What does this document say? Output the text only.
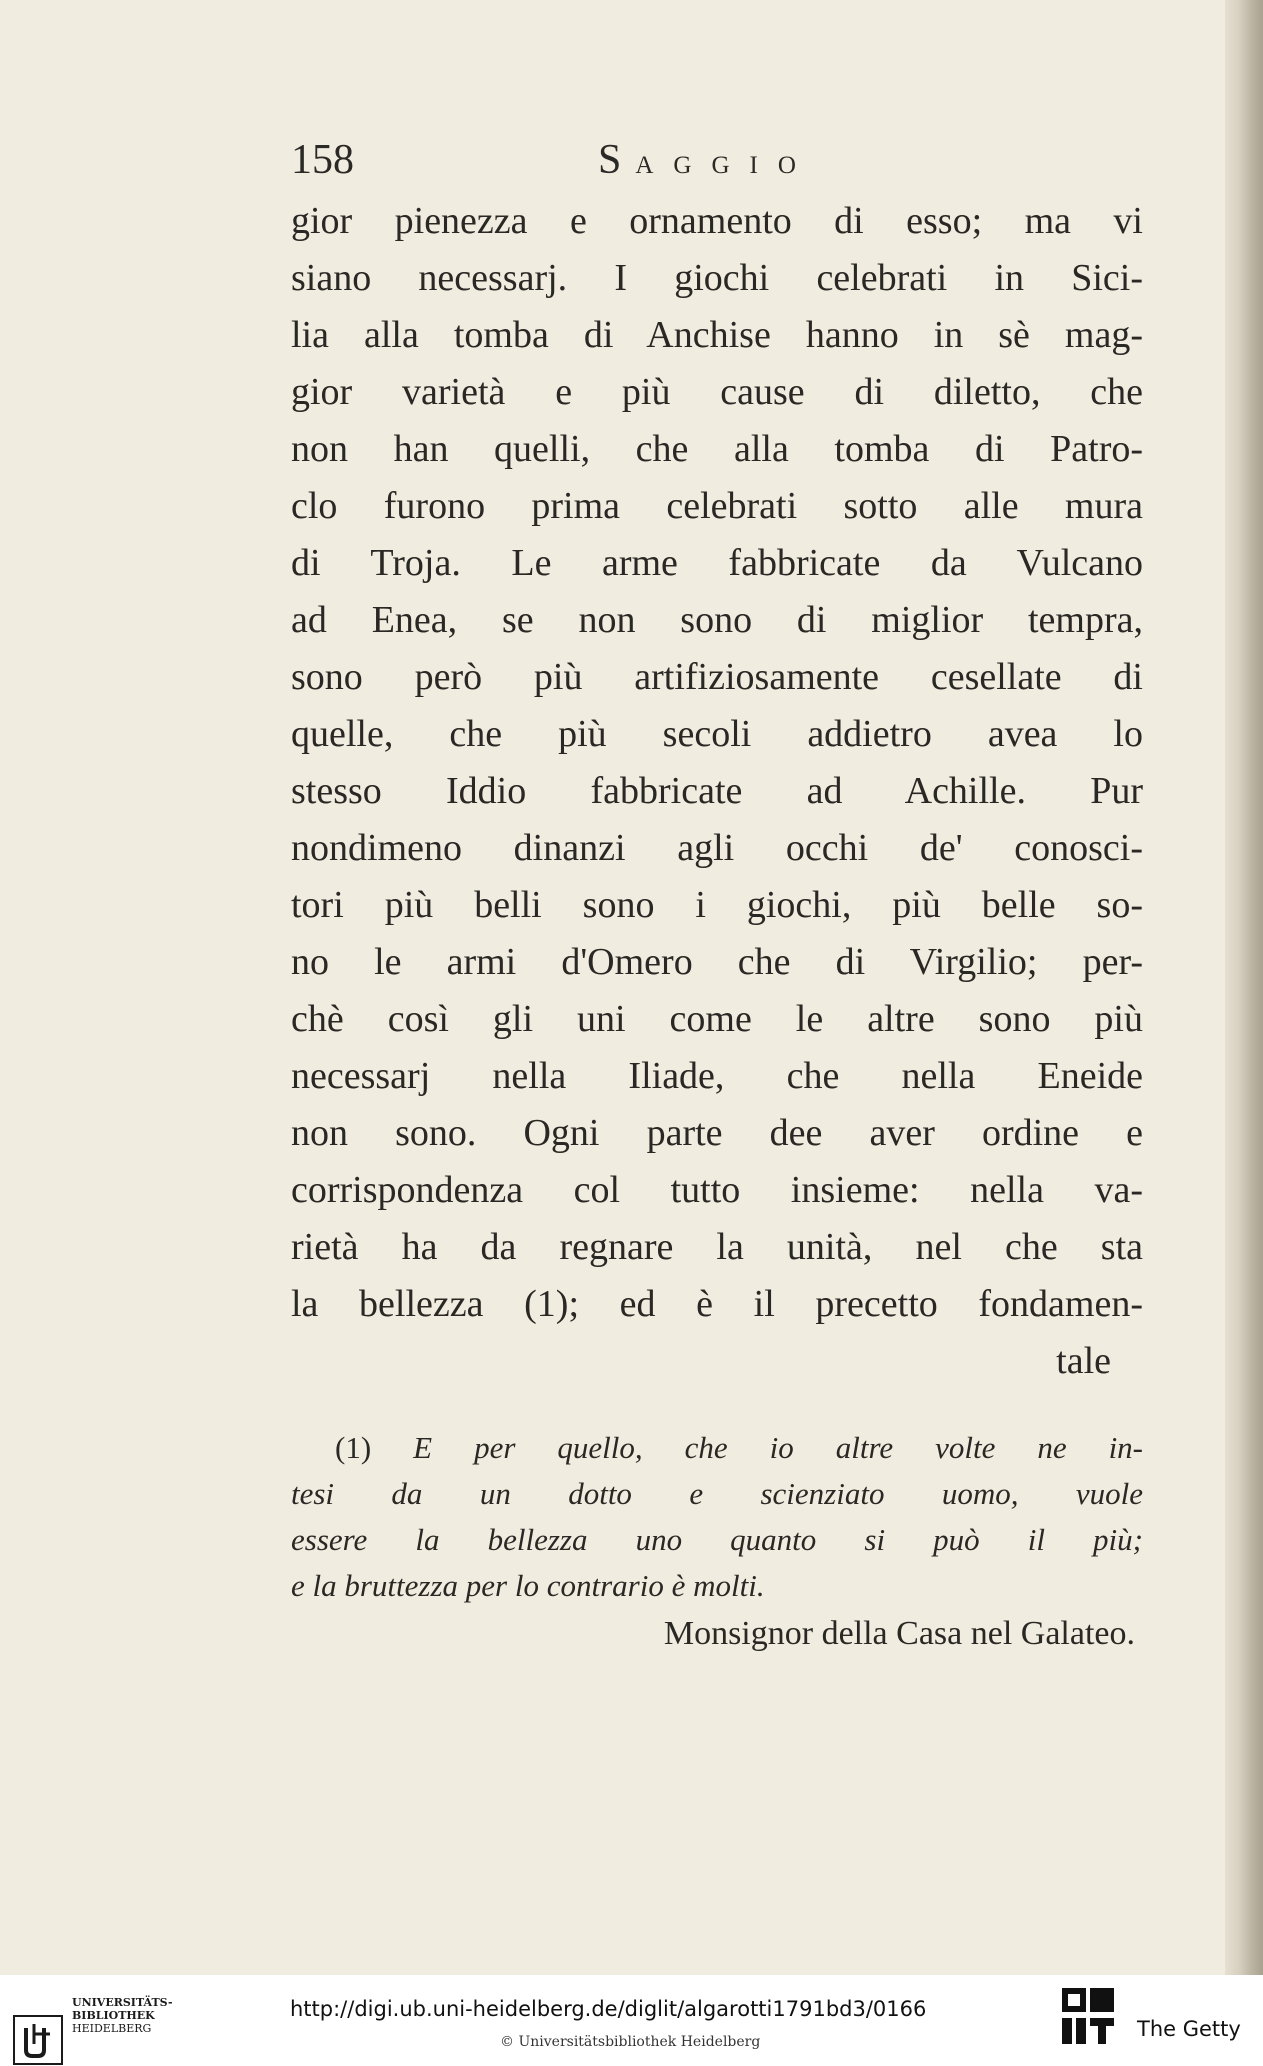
158	SAGGIO
gior pienezza e ornamento di esso; ma vi
siano necessarj. I giochi celebrati in Sici-
lia alla tomba di Anchise hanno in sè mag-
gior varietà e più cause di diletto, che
non han quelli, che alla tomba di Patro-
clo furono prima celebrati sotto alle mura
di Troja. Le arme fabbricate da Vulcano
ad Enea, se non sono di miglior tempra,
sono però più artifiziosamente cesellate di
quelle, che più secoli addietro avea lo
stesso Iddio fabbricate ad Achille. Pur
nondimeno dinanzi agli occhi de' conosci-
tori più belli sono i giochi, più belle so-
no le armi d'Omero che di Virgilio; per-
chè così gli uni come le altre sono più
necessarj nella Iliade, che nella Eneide
non sono. Ogni parte dee aver ordine e
corrispondenza col tutto insieme: nella va-
rietà ha da regnare la unità, nel che sta
la bellezza (1); ed è il precetto fondamen-
tale
(1) E per quello, che io altre volte ne in-
tesi da un dotto e scienziato uomo, vuole
essere la bellezza uno quanto si può il più;
e la bruttezza per lo contrario è molti.
Monsignor della Casa nel Galateo.
UNIVERSITÄTS-
BIBLIOTHEK
HEIDELBERG
http://digi.ub.uni-heidelberg.de/diglit/algarotti1791bd3/0166
© Universitätsbibliothek Heidelberg
The Getty
